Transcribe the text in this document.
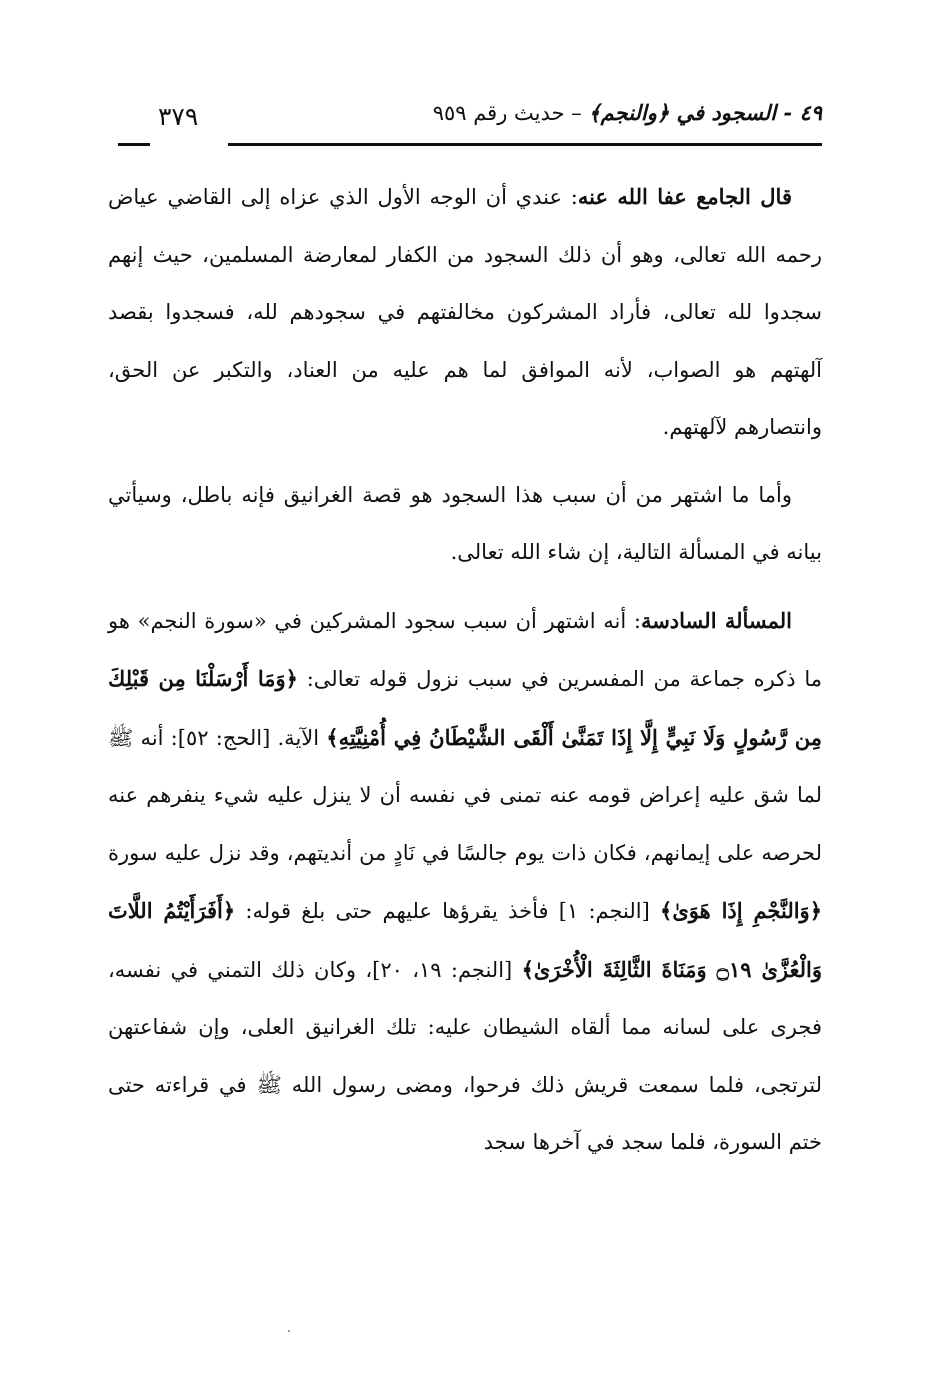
٣٧٩	٤٩ - السجود في ﴿والنجم﴾ – حديث رقم ٩٥٩
قال الجامع عفا الله عنه: عندي أن الوجه الأول الذي عزاه إلى القاضي عياض رحمه الله تعالى، وهو أن ذلك السجود من الكفار لمعارضة المسلمين، حيث إنهم سجدوا لله تعالى، فأراد المشركون مخالفتهم في سجودهم لله، فسجدوا بقصد آلهتهم هو الصواب، لأنه الموافق لما هم عليه من العناد، والتكبر عن الحق، وانتصارهم لآلهتهم.
وأما ما اشتهر من أن سبب هذا السجود هو قصة الغرانيق فإنه باطل، وسيأتي بيانه في المسألة التالية، إن شاء الله تعالى.
المسألة السادسة: أنه اشتهر أن سبب سجود المشركين في «سورة النجم» هو ما ذكره جماعة من المفسرين في سبب نزول قوله تعالى: ﴿وَمَا أَرْسَلْنَا مِن قَبْلِكَ مِن رَّسُولٍ وَلَا نَبِيٍّ إِلَّا إِذَا تَمَنَّىٰ أَلْقَى الشَّيْطَانُ فِي أُمْنِيَّتِهِ﴾ الآية. [الحج: ٥٢]: أنه ﷺ لما شق عليه إعراض قومه عنه تمنى في نفسه أن لا ينزل عليه شيء ينفرهم عنه لحرصه على إيمانهم، فكان ذات يوم جالسًا في نَادٍ من أنديتهم، وقد نزل عليه سورة ﴿وَالنَّجْمِ إِذَا هَوَىٰ﴾ [النجم: ١] فأخذ يقرؤها عليهم حتى بلغ قوله: ﴿أَفَرَأَيْتُمُ اللَّاتَ وَالْعُزَّىٰ ۝١٩ وَمَنَاةَ الثَّالِثَةَ الْأُخْرَىٰ﴾ [النجم: ١٩، ٢٠]، وكان ذلك التمني في نفسه، فجرى على لسانه مما ألقاه الشيطان عليه: تلك الغرانيق العلى، وإن شفاعتهن لترتجى، فلما سمعت قريش ذلك فرحوا، ومضى رسول الله ﷺ في قراءته حتى ختم السورة، فلما سجد في آخرها سجد
